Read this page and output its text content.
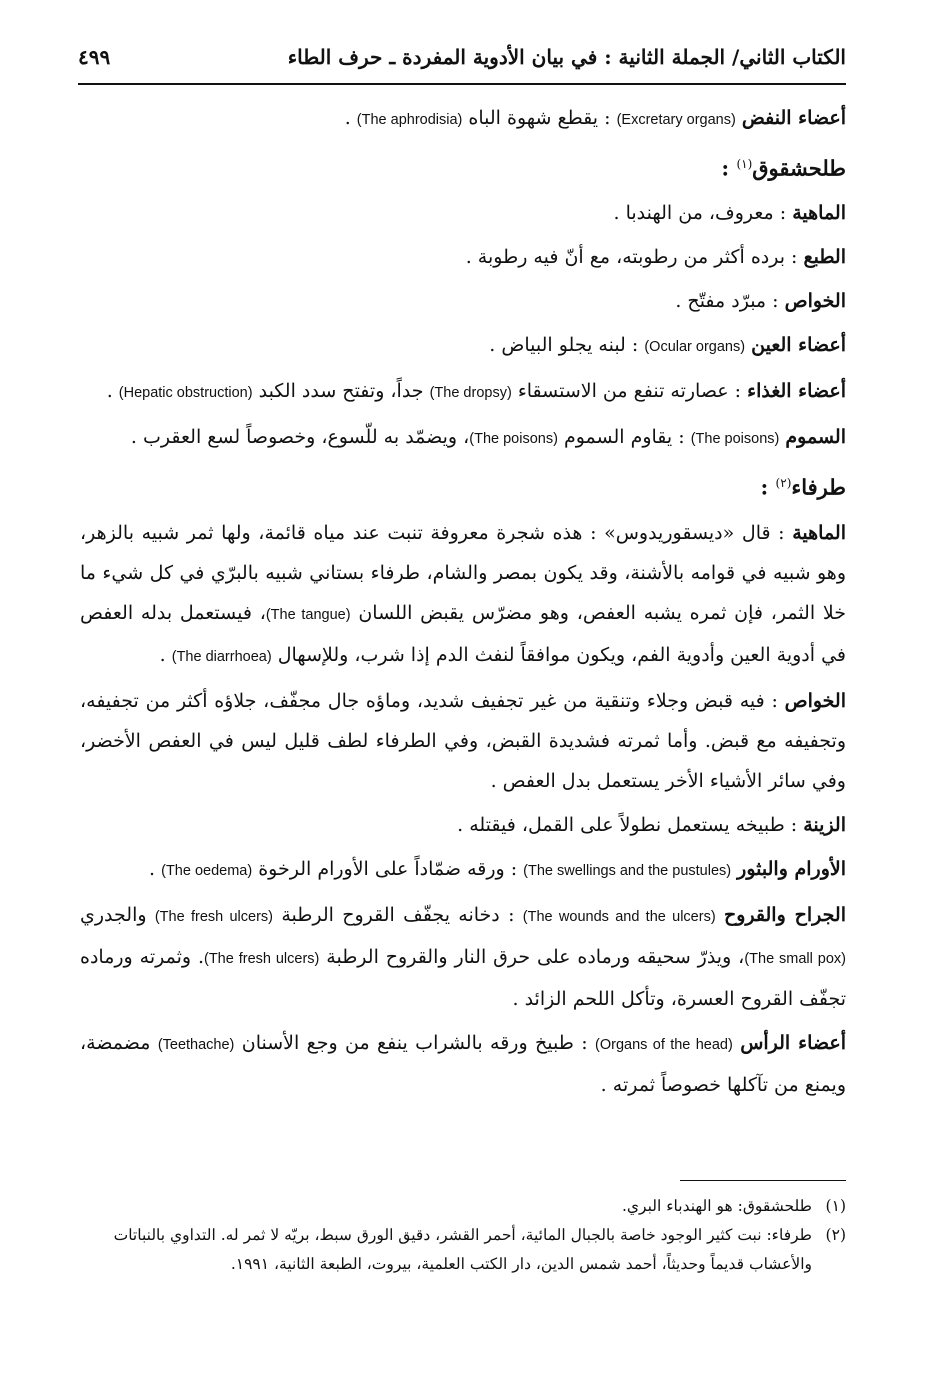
الكتاب الثاني/ الجملة الثانية : في بيان الأدوية المفردة ـ حرف الطاء
٤٩٩

أعضاء النفض (Excretary organs) : يقطع شهوة الباه (The aphrodisia) .

طلحشقوق$^{(١)}$ :

الماهية : معروف، من الهندبا .

الطبع : برده أكثر من رطوبته، مع أنّ فيه رطوبة .

الخواص : مبرّد مفتّح .

أعضاء العين (Ocular organs) : لبنه يجلو البياض .

أعضاء الغذاء : عصارته تنفع من الاستسقاء (The dropsy) جداً، وتفتح سدد الكبد (Hepatic obstruction) .

السموم (The poisons) : يقاوم السموم (The poisons)، ويضمّد به للّسوع، وخصوصاً لسع العقرب .

طرفاء$^{(٢)}$ :

الماهية : قال «ديسقوريدوس» : هذه شجرة معروفة تنبت عند مياه قائمة، ولها ثمر شبيه بالزهر، وهو شبيه في قوامه بالأشنة، وقد يكون بمصر والشام، طرفاء بستاني شبيه بالبرّي في كل شيء ما خلا الثمر، فإن ثمره يشبه العفص، وهو مضرّس يقبض اللسان (The tangue)، فيستعمل بدله العفص في أدوية العين وأدوية الفم، ويكون موافقاً لنفث الدم إذا شرب، وللإسهال (The diarrhoea) .

الخواص : فيه قبض وجلاء وتنقية من غير تجفيف شديد، وماؤه جال مجفّف، جلاؤه أكثر من تجفيفه، وتجفيفه مع قبض. وأما ثمرته فشديدة القبض، وفي الطرفاء لطف قليل ليس في العفص الأخضر، وفي سائر الأشياء الأخر يستعمل بدل العفص .

الزينة : طبيخه يستعمل نطولاً على القمل، فيقتله .

الأورام والبثور (The swellings and the pustules) : ورقه ضمّاداً على الأورام الرخوة (The oedema) .

الجراح والقروح (The wounds and the ulcers) : دخانه يجفّف القروح الرطبة (The fresh ulcers) والجدري (The small pox)، ويذرّ سحيقه ورماده على حرق النار والقروح الرطبة (The fresh ulcers). وثمرته ورماده تجفّف القروح العسرة، وتأكل اللحم الزائد .

أعضاء الرأس (Organs of the head) : طبيخ ورقه بالشراب ينفع من وجع الأسنان (Teethache) مضمضة، ويمنع من تآكلها خصوصاً ثمرته .

(١)
طلحشقوق: هو الهندباء البري.
(٢)
طرفاء: نبت كثير الوجود خاصة بالجبال المائية، أحمر القشر، دقيق الورق سبط، بريّه لا ثمر له. التداوي بالنباتات والأعشاب قديماً وحديثاً، أحمد شمس الدين، دار الكتب العلمية، بيروت، الطبعة الثانية، ١٩٩١.
